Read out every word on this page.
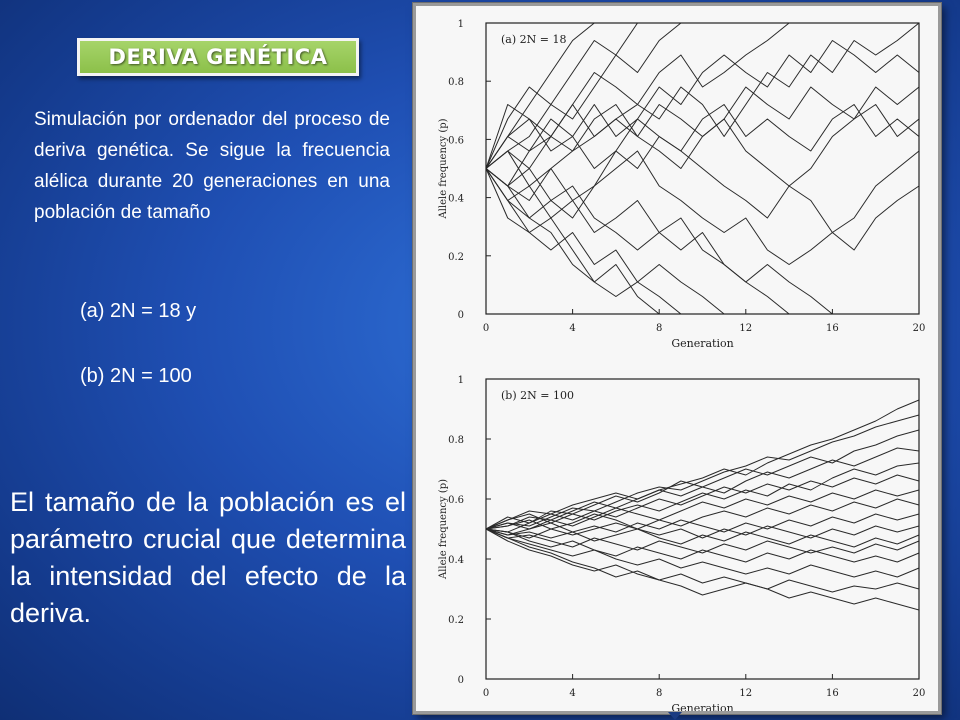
DERIVA GENÉTICA
Simulación por ordenador del proceso de deriva genética. Se sigue la frecuencia alélica durante 20 generaciones en una población de tamaño
(a) 2N = 18 y
(b) 2N = 100
El tamaño de la población es el parámetro crucial que determina la intensidad del efecto de la deriva.
0
0.2
0.4
0.6
0.8
1
0	4	8	12	16	20
(a) 2N = 18
Generation
Allele frequency (p)
0
0.2
0.4
0.6
0.8
1
0	4	8	12	16	20
(b) 2N = 100
Generation
Allele frequency (p)
